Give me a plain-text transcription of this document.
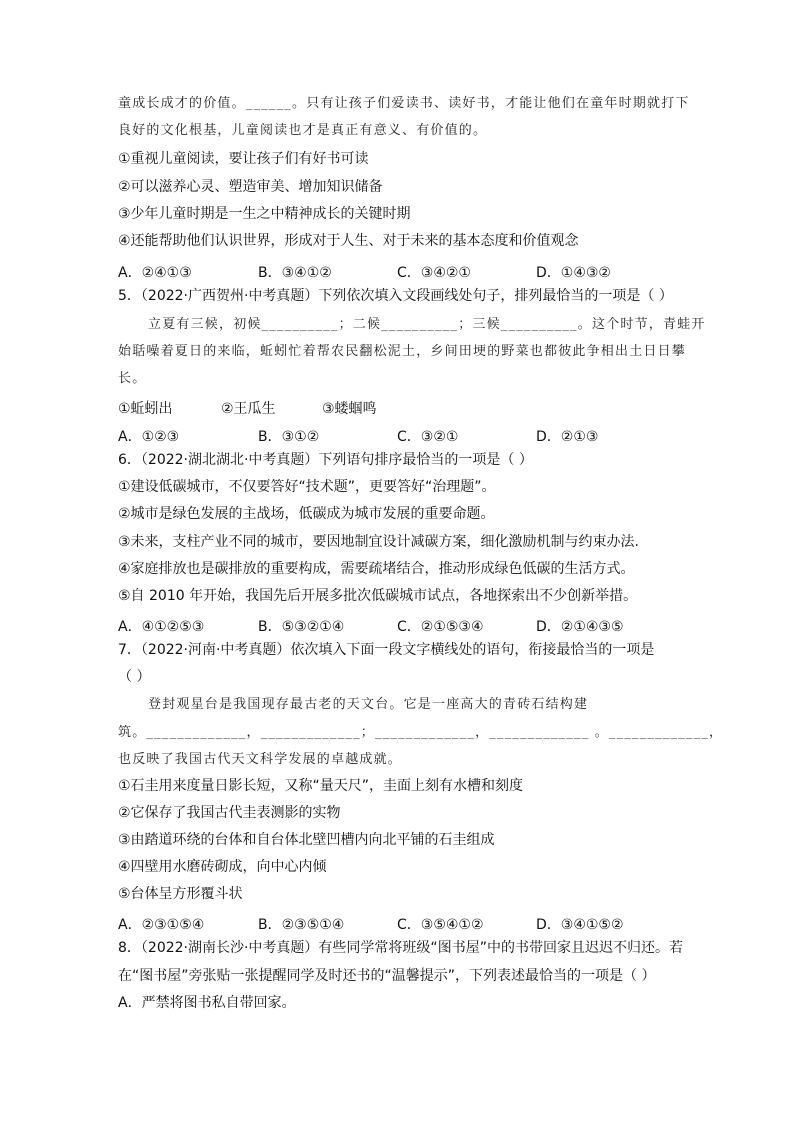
童成长成才的价值。______。只有让孩子们爱读书、读好书，才能让他们在童年时期就打下
良好的文化根基，儿童阅读也才是真正有意义、有价值的。
①重视儿童阅读，要让孩子们有好书可读
②可以滋养心灵、塑造审美、增加知识储备
③少年儿童时期是一生之中精神成长的关键时期
④还能帮助他们认识世界，形成对于人生、对于未来的基本态度和价值观念
A．②④①③	B．③④①②	C．③④②①	D．①④③②
5．（2022·广西贺州·中考真题）下列依次填入文段画线处句子，排列最恰当的一项是（ ）
立夏有三候，初候__________；二候__________；三候__________。这个时节，青蛙开
始聒噪着夏日的来临，蚯蚓忙着帮农民翻松泥土，乡间田埂的野菜也都彼此争相出土日日攀
长。
①蚯蚓出	②王瓜生	③蝼蝈鸣
A．①②③	B．③①②	C．③②①	D．②①③
6．（2022·湖北湖北·中考真题）下列语句排序最恰当的一项是（ ）
①建设低碳城市，不仅要答好“技术题”，更要答好“治理题”。
②城市是绿色发展的主战场，低碳成为城市发展的重要命题。
③未来，支柱产业不同的城市，要因地制宜设计减碳方案，细化激励机制与约束办法.
④家庭排放也是碳排放的重要构成，需要疏堵结合，推动形成绿色低碳的生活方式。
⑤自 2010 年开始，我国先后开展多批次低碳城市试点，各地探索出不少创新举措。
A．④①②⑤③	B．⑤③②①④	C．②①⑤③④	D．②①④③⑤
7．（2022·河南·中考真题）依次填入下面一段文字横线处的语句，衔接最恰当的一项是
（ ）
登封观星台是我国现存最古老的天文台。它是一座高大的青砖石结构建
筑。_____________，_____________；_____________，_____________ 。_____________，
也反映了我国古代天文科学发展的卓越成就。
①石圭用来度量日影长短，又称“量天尺”，圭面上刻有水槽和刻度
②它保存了我国古代圭表测影的实物
③由踏道环绕的台体和自台体北壁凹槽内向北平铺的石圭组成
④四壁用水磨砖砌成，向中心内倾
⑤台体呈方形覆斗状
A．②③①⑤④	B．②③⑤①④	C．③⑤④①②	D．③④①⑤②
8．（2022·湖南长沙·中考真题）有些同学常将班级“图书屋”中的书带回家且迟迟不归还。若
在“图书屋”旁张贴一张提醒同学及时还书的“温馨提示”，下列表述最恰当的一项是（ ）
A．严禁将图书私自带回家。
